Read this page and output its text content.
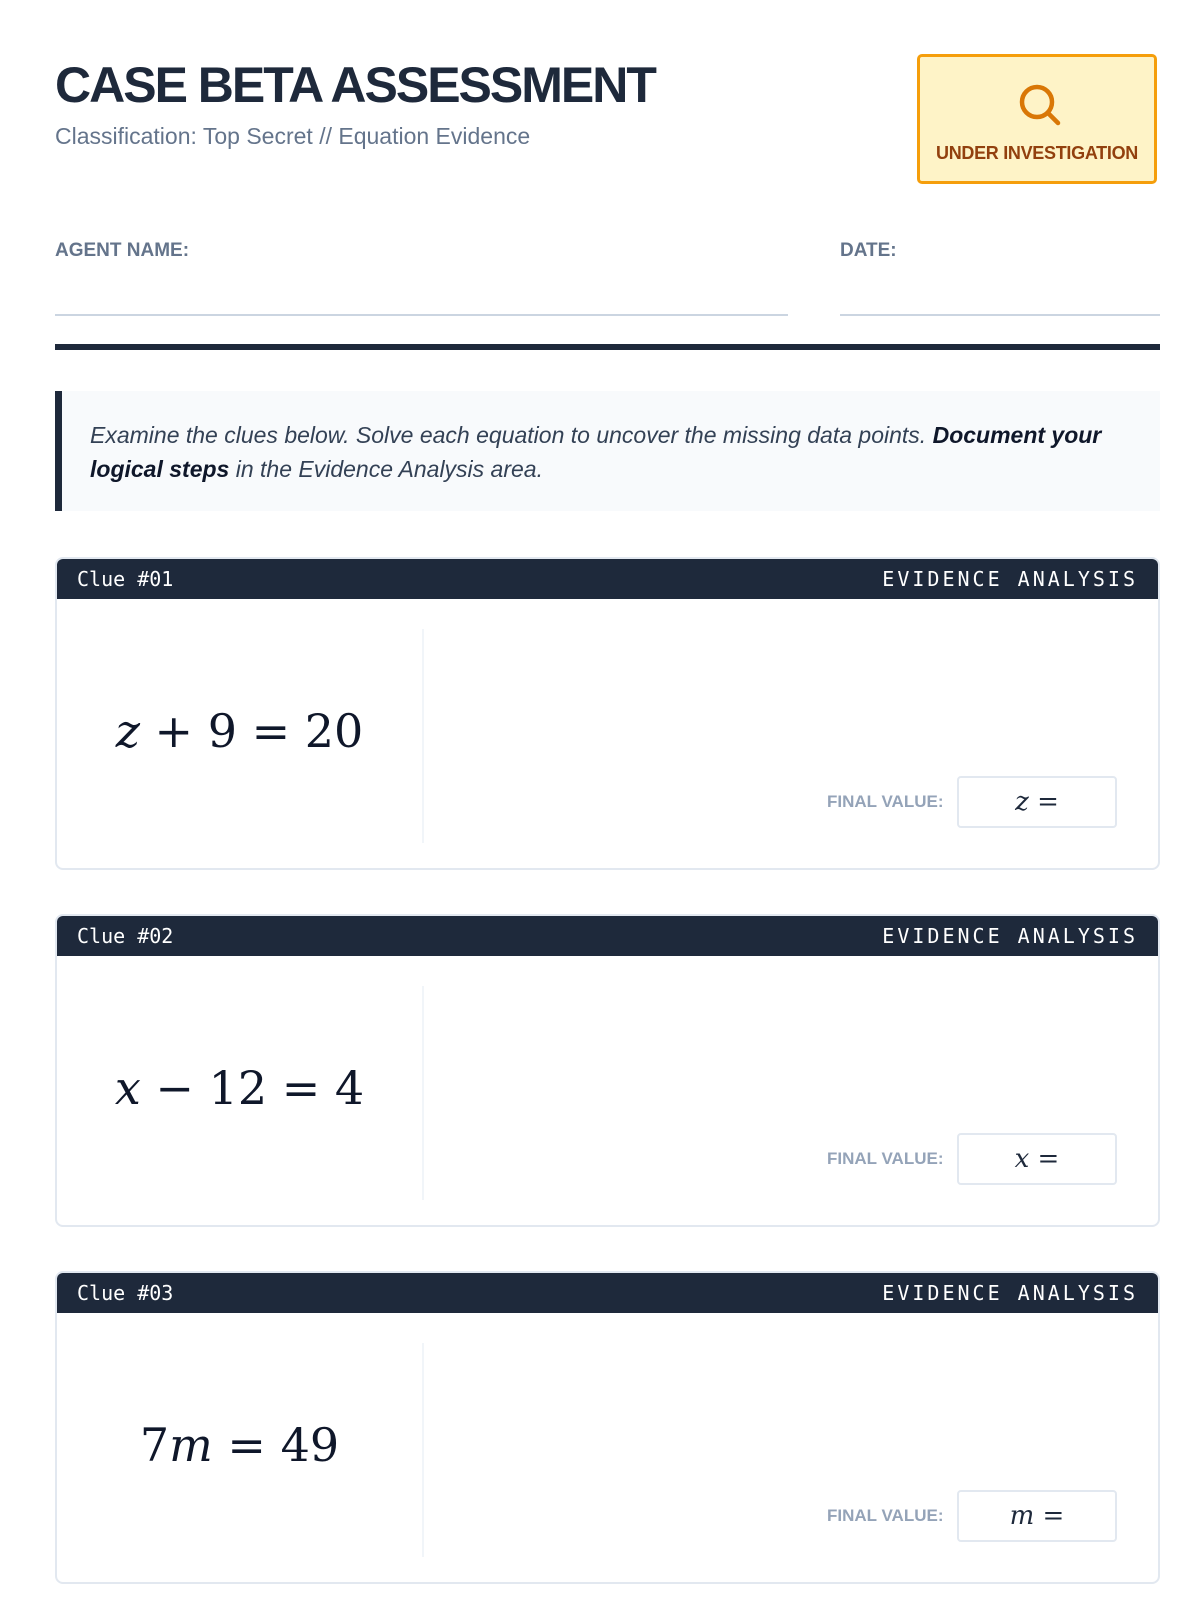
CASE BETA ASSESSMENT
Classification: Top Secret // Equation Evidence
UNDER INVESTIGATION
AGENT NAME:	DATE:
Examine the clues below. Solve each equation to uncover the missing data points. Document your logical steps in the Evidence Analysis area.
Clue #01	EVIDENCE ANALYSIS
z + 9 = 20
FINAL VALUE:	z =
Clue #02	EVIDENCE ANALYSIS
x − 12 = 4
FINAL VALUE:	x =
Clue #03	EVIDENCE ANALYSIS
7m = 49
FINAL VALUE:	m =
